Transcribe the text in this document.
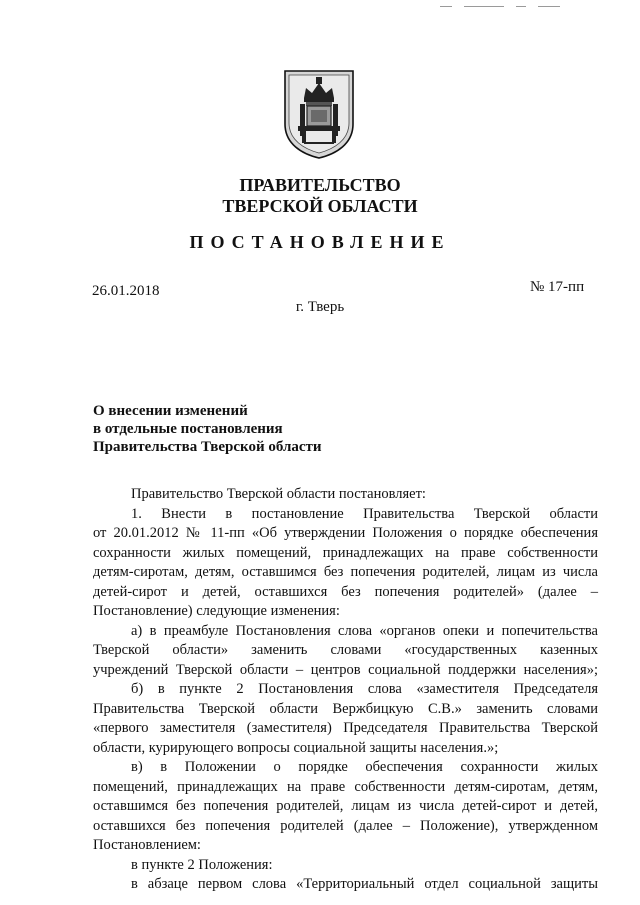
ПРАВИТЕЛЬСТВО
ТВЕРСКОЙ ОБЛАСТИ
ПОСТАНОВЛЕНИЕ
26.01.2018	№ 17-пп
г. Тверь
О внесении изменений
в отдельные постановления
Правительства Тверской области
Правительство Тверской области постановляет:
1. Внести в постановление Правительства Тверской области
от 20.01.2012 № 11-пп «Об утверждении Положения о порядке обеспечения
сохранности жилых помещений, принадлежащих на праве собственности
детям-сиротам, детям, оставшимся без попечения родителей, лицам из числа
детей-сирот и детей, оставшихся без попечения родителей» (далее –
Постановление) следующие изменения:
а) в преамбуле Постановления слова «органов опеки и попечительства
Тверской области» заменить словами «государственных казенных
учреждений Тверской области – центров социальной поддержки населения»;
б) в пункте 2 Постановления слова «заместителя Председателя
Правительства Тверской области Вержбицкую С.В.» заменить словами
«первого заместителя (заместителя) Председателя Правительства Тверской
области, курирующего вопросы социальной защиты населения.»;
в) в Положении о порядке обеспечения сохранности жилых
помещений, принадлежащих на праве собственности детям-сиротам, детям,
оставшимся без попечения родителей, лицам из числа детей-сирот и детей,
оставшихся без попечения родителей (далее – Положение), утвержденном
Постановлением:
в пункте 2 Положения:
в абзаце первом слова «Территориальный отдел социальной защиты
